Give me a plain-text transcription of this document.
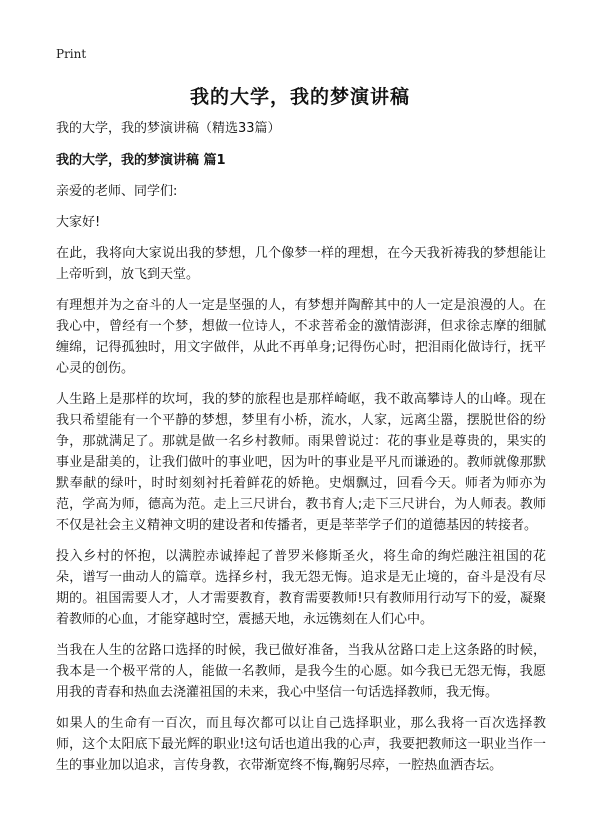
Print
我的大学，我的梦演讲稿

我的大学，我的梦演讲稿（精选33篇）

我的大学，我的梦演讲稿 篇1

亲爱的老师、同学们:

大家好!

在此，我将向大家说出我的梦想，几个像梦一样的理想，在今天我祈祷我的梦想能让上帝听到，放飞到天堂。

有理想并为之奋斗的人一定是坚强的人，有梦想并陶醉其中的人一定是浪漫的人。在我心中，曾经有一个梦，想做一位诗人，不求菩希金的激情澎湃，但求徐志摩的细腻缠绵，记得孤独时，用文字做伴，从此不再单身;记得伤心时，把泪雨化做诗行，抚平心灵的创伤。

人生路上是那样的坎坷，我的梦的旅程也是那样崎岖，我不敢高攀诗人的山峰。现在我只希望能有一个平静的梦想，梦里有小桥，流水，人家，远离尘嚣，摆脱世俗的纷争，那就满足了。那就是做一名乡村教师。雨果曾说过：花的事业是尊贵的，果实的事业是甜美的，让我们做叶的事业吧，因为叶的事业是平凡而谦逊的。教师就像那默默奉献的绿叶，时时刻刻衬托着鲜花的娇艳。史烟飘过，回看今天。师者为师亦为范，学高为师，德高为范。走上三尺讲台，教书育人;走下三尺讲台，为人师表。教师不仅是社会主义精神文明的建设者和传播者，更是莘莘学子们的道德基因的转接者。

投入乡村的怀抱，以满腔赤诚捧起了普罗米修斯圣火，将生命的绚烂融注祖国的花朵，谱写一曲动人的篇章。选择乡村，我无怨无悔。追求是无止境的，奋斗是没有尽期的。祖国需要人才，人才需要教育，教育需要教师!只有教师用行动写下的爱，凝聚着教师的心血，才能穿越时空，震撼天地，永远镌刻在人们心中。

当我在人生的岔路口选择的时候，我已做好准备，当我从岔路口走上这条路的时候，我本是一个极平常的人，能做一名教师，是我今生的心愿。如今我已无怨无悔，我愿用我的青春和热血去浇灌祖国的未来，我心中坚信一句话选择教师，我无悔。

如果人的生命有一百次，而且每次都可以让自己选择职业，那么我将一百次选择教师，这个太阳底下最光辉的职业!这句话也道出我的心声，我要把教师这一职业当作一生的事业加以追求，言传身教，衣带渐宽终不悔,鞠躬尽瘁，一腔热血洒杏坛。
